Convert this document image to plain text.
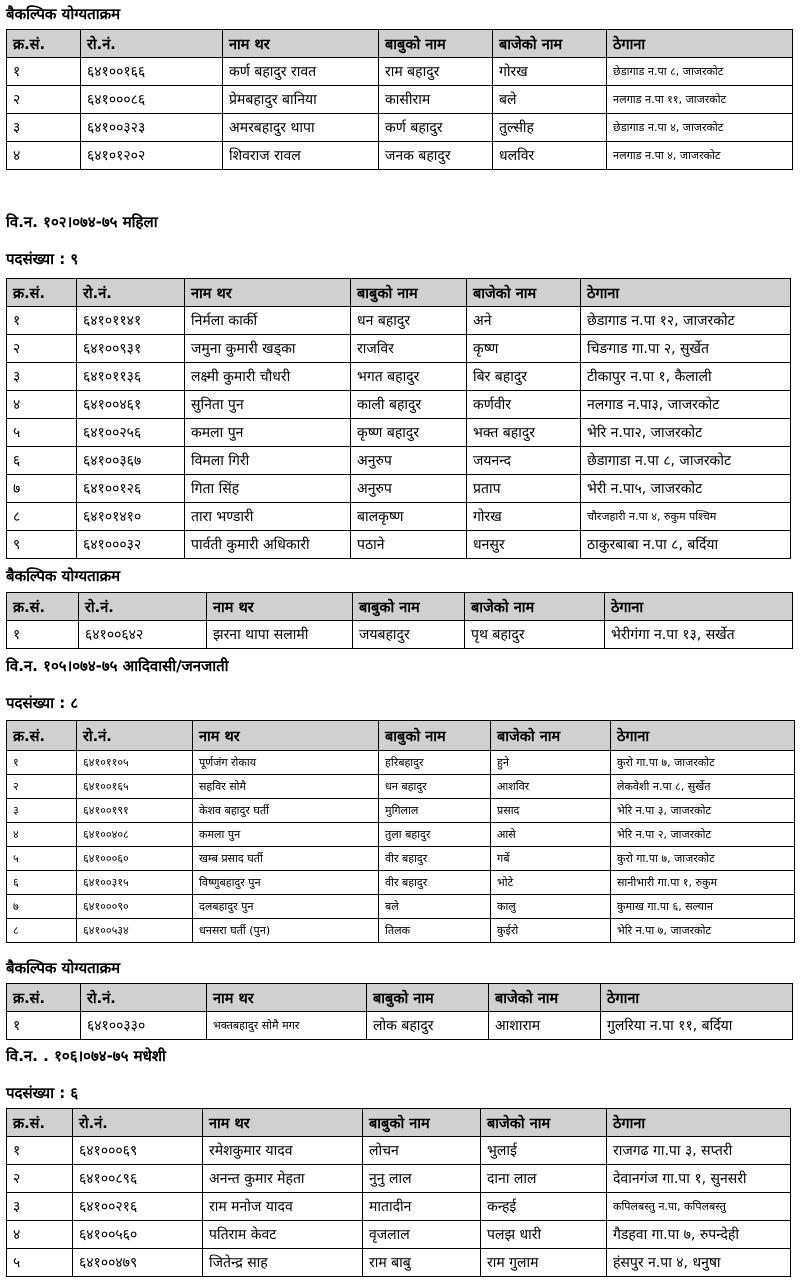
बैकल्पिक योग्यताक्रम
क्र.सं.	रो.नं.	नाम थर	बाबुको नाम	बाजेको नाम	ठेगाना
१	६४१००१६६	कर्ण बहादुर रावत	राम बहादुर	गोरख	छेडागाड न.पा ८, जाजरकोट
२	६४१०००८६	प्रेमबहादुर बानिया	कासीराम	बले	नलगाड न.पा ११, जाजरकोट
३	६४१००३२३	अमरबहादुर थापा	कर्ण बहादुर	तुल्सीह	छेडागाड न.पा ४, जाजरकोट
४	६४१०१२०२	शिवराज रावल	जनक बहादुर	धलविर	नलगाड न.पा ४, जाजरकोट
वि.न. १०२।०७४-७५ महिला
पदसंख्या : ९
क्र.सं.	रो.नं.	नाम थर	बाबुको नाम	बाजेको नाम	ठेगाना
१	६४१०११४१	निर्मला कार्की	धन बहादुर	अने	छेडागाड न.पा १२, जाजरकोट
२	६४१००९३१	जमुना कुमारी खड्का	राजविर	कृष्ण	चिङगाड गा.पा २, सुर्खेत
३	६४१०११३६	लक्ष्मी कुमारी चौधरी	भगत बहादुर	बिर बहादुर	टीकापुर न.पा १, कैलाली
४	६४१००४६१	सुनिता पुन	काली बहादुर	कर्णवीर	नलगाड न.पा३, जाजरकोट
५	६४१००२५६	कमला पुन	कृष्ण बहादुर	भक्त बहादुर	भेरि न.पा२, जाजरकोट
६	६४१००३६७	विमला गिरी	अनुरुप	जयनन्द	छेडागाडा न.पा ८, जाजरकोट
७	६४१००१२६	गिता सिंह	अनुरुप	प्रताप	भेरी न.पा५, जाजरकोट
८	६४१०१४१०	तारा भण्डारी	बालकृष्ण	गोरख	चौरजहारी न.पा ४, रुकुम पश्चिम
९	६४१०००३२	पार्वती कुमारी अधिकारी	पठाने	धनसुर	ठाकुरबाबा न.पा ८, बर्दिया
बैकल्पिक योग्यताक्रम
क्र.सं.	रो.नं.	नाम थर	बाबुको नाम	बाजेको नाम	ठेगाना
१	६४१००६४२	झरना थापा सलामी	जयबहादुर	पृथ बहादुर	भेरीगंगा न.पा १३, सर्खेत
वि.न. १०५।०७४-७५ आदिवासी/जनजाती
पदसंख्या : ८
क्र.सं.	रो.नं.	नाम थर	बाबुको नाम	बाजेको नाम	ठेगाना
१	६४१०११०५	पूर्णजंग रोकाय	हरिबहादुर	हुने	कुरो गा.पा ७, जाजरकोट
२	६४१००१६५	सहविर सोमै	धन बहादुर	आशविर	लेकवेशी न.पा ८, सुर्खेत
३	६४१००१९१	केशव बहादुर घर्ती	मुगिलाल	प्रसाद	भेरि न.पा ३, जाजरकोट
४	६४१००४०८	कमला पुन	तुला बहादुर	आसे	भेरि न.पा २, जाजरकोट
५	६४१०००६०	खम्ब प्रसाद घर्ती	वीर बहादुर	गर्बे	कुरो गा.पा ७, जाजरकोट
६	६४१००३१५	विष्णुबहादुर पुन	वीर बहादुर	भोटे	सानीभारी गा.पा १, रुकुम
७	६४१०००९०	दलबहादुर पुन	बले	कालु	कुमाख गा.पा ६, सल्यान
८	६४१००५३४	धनसरा घर्ती (पुन)	तिलक	कुईरो	भेरि न.पा ७, जाजरकोट
बैकल्पिक योग्यताक्रम
क्र.सं.	रो.नं.	नाम थर	बाबुको नाम	बाजेको नाम	ठेगाना
१	६४१००३३०	भक्तबहादुर सोमै मगर	लोक बहादुर	आशाराम	गुलरिया न.पा ११, बर्दिया
वि.न. . १०६।०७४-७५ मधेशी
पदसंख्या : ६
क्र.सं.	रो.नं.	नाम थर	बाबुको नाम	बाजेको नाम	ठेगाना
१	६४१०००६९	रमेशकुमार यादव	लोचन	भुलाई	राजगढ गा.पा ३, सप्तरी
२	६४१००८९६	अनन्त कुमार मेहता	नुनु लाल	दाना लाल	देवानगंज गा.पा १, सुनसरी
३	६४१००२१६	राम मनोज यादव	मातादीन	कन्हई	कपिलबस्तु न.पा, कपिलबस्तु
४	६४१००५६०	पतिराम केवट	वृजलाल	पलझ धारी	गैडहवा गा.पा ७, रुपन्देही
५	६४१००४७९	जितेन्द्र साह	राम बाबु	राम गुलाम	हंसपुर न.पा ४, धनुषा
